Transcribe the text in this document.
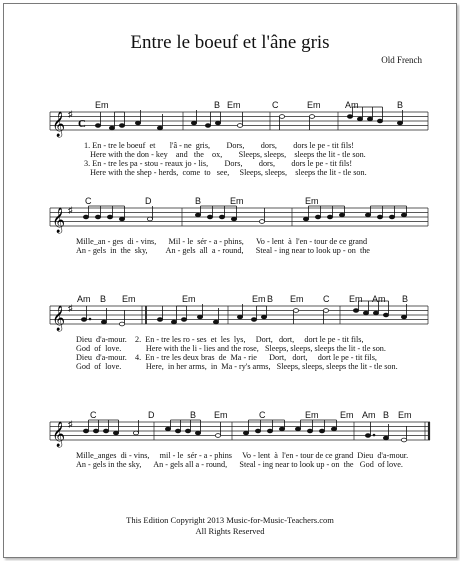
Entre le boeuf et l'âne gris
Old French
𝄞 ♯
C
Em	B Em	C	Em	Am	B
1. En - tre le boeuf  et       l'â - ne  gris,        Dors,        dors,        dors le pe - tit fils!
Here with the don - key    and   the    ox,        Sleeps, sleeps,    sleeps the lit - tle son.
3. En - tre les pa - stou - reaux jo - lis,        Dors,        dors,        dors le pe - tit fils!
Here with the shep - herds,  come  to   see,     Sleeps, sleeps,    sleeps the lit - tle son.
𝄞 ♯
C	D	B	Em	Em
Mille_an - ges  di - vins,      Mil - le  sér - a - phins,      Vo - lent  à  l'en - tour de ce grand
An - gels  in  the  sky,         An - gels  all  a - round,      Steal - ing near to look up - on  the
𝄞 ♯
Am B Em	Em	Em B Em C Em Am B
Dieu  d'a-mour.    2.  En - tre les ro - ses  et  les  lys,     Dort,   dort,     dort le pe - tit fils,
God  of  love.            Here with the li - lies and the rose,   Sleeps, sleeps, sleeps the lit - tle son.
Dieu  d'a-mour.    4.  En - tre les deux bras  de  Ma - rie      Dort,   dort,     dort le pe - tit fils,
God  of  love.            Here,  in her arms,  in  Ma - ry's arms,   Sleeps, sleeps, sleeps the lit - tle son.
𝄞 ♯
C	D	B Em	C	Em Em Am B Em
Mille_anges  di - vins,     mil - le  sér - a - phins     Vo - lent  à  l'en - tour de ce grand  Dieu  d'a-mour.
An - gels in the sky,      An - gels all a - round,      Steal - ing near to look up - on  the   God  of love.
This Edition Copyright 2013 Music-for-Music-Teachers.com
All Rights Reserved
